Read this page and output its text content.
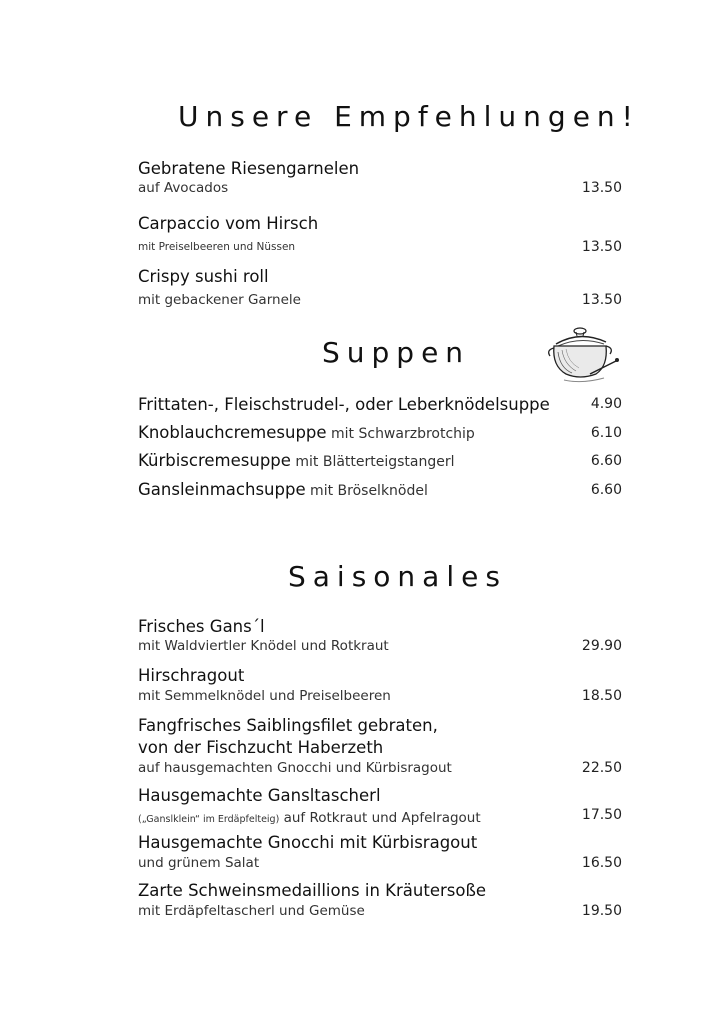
Unsere Empfehlungen!
Gebratene Riesengarnelen
auf Avocados	13.50
Carpaccio vom Hirsch
mit Preiselbeeren und Nüssen	13.50
Crispy sushi roll
mit gebackener Garnele	13.50
Suppen
Frittaten-, Fleischstrudel-, oder Leberknödelsuppe	4.90
Knoblauchcremesuppe mit Schwarzbrotchip	6.10
Kürbiscremesuppe mit Blätterteigstangerl	6.60
Gansleinmachsuppe mit Bröselknödel	6.60
Saisonales
Frisches Gans´l
mit Waldviertler Knödel und Rotkraut	29.90
Hirschragout
mit Semmelknödel und Preiselbeeren	18.50
Fangfrisches Saiblingsfilet gebraten,
von der Fischzucht Haberzeth
auf hausgemachten Gnocchi und Kürbisragout	22.50
Hausgemachte Gansltascherl
(„Ganslklein“ im Erdäpfelteig) auf Rotkraut und Apfelragout	17.50
Hausgemachte Gnocchi mit Kürbisragout
und grünem Salat	16.50
Zarte Schweinsmedaillions in Kräutersoße
mit Erdäpfeltascherl und Gemüse	19.50
